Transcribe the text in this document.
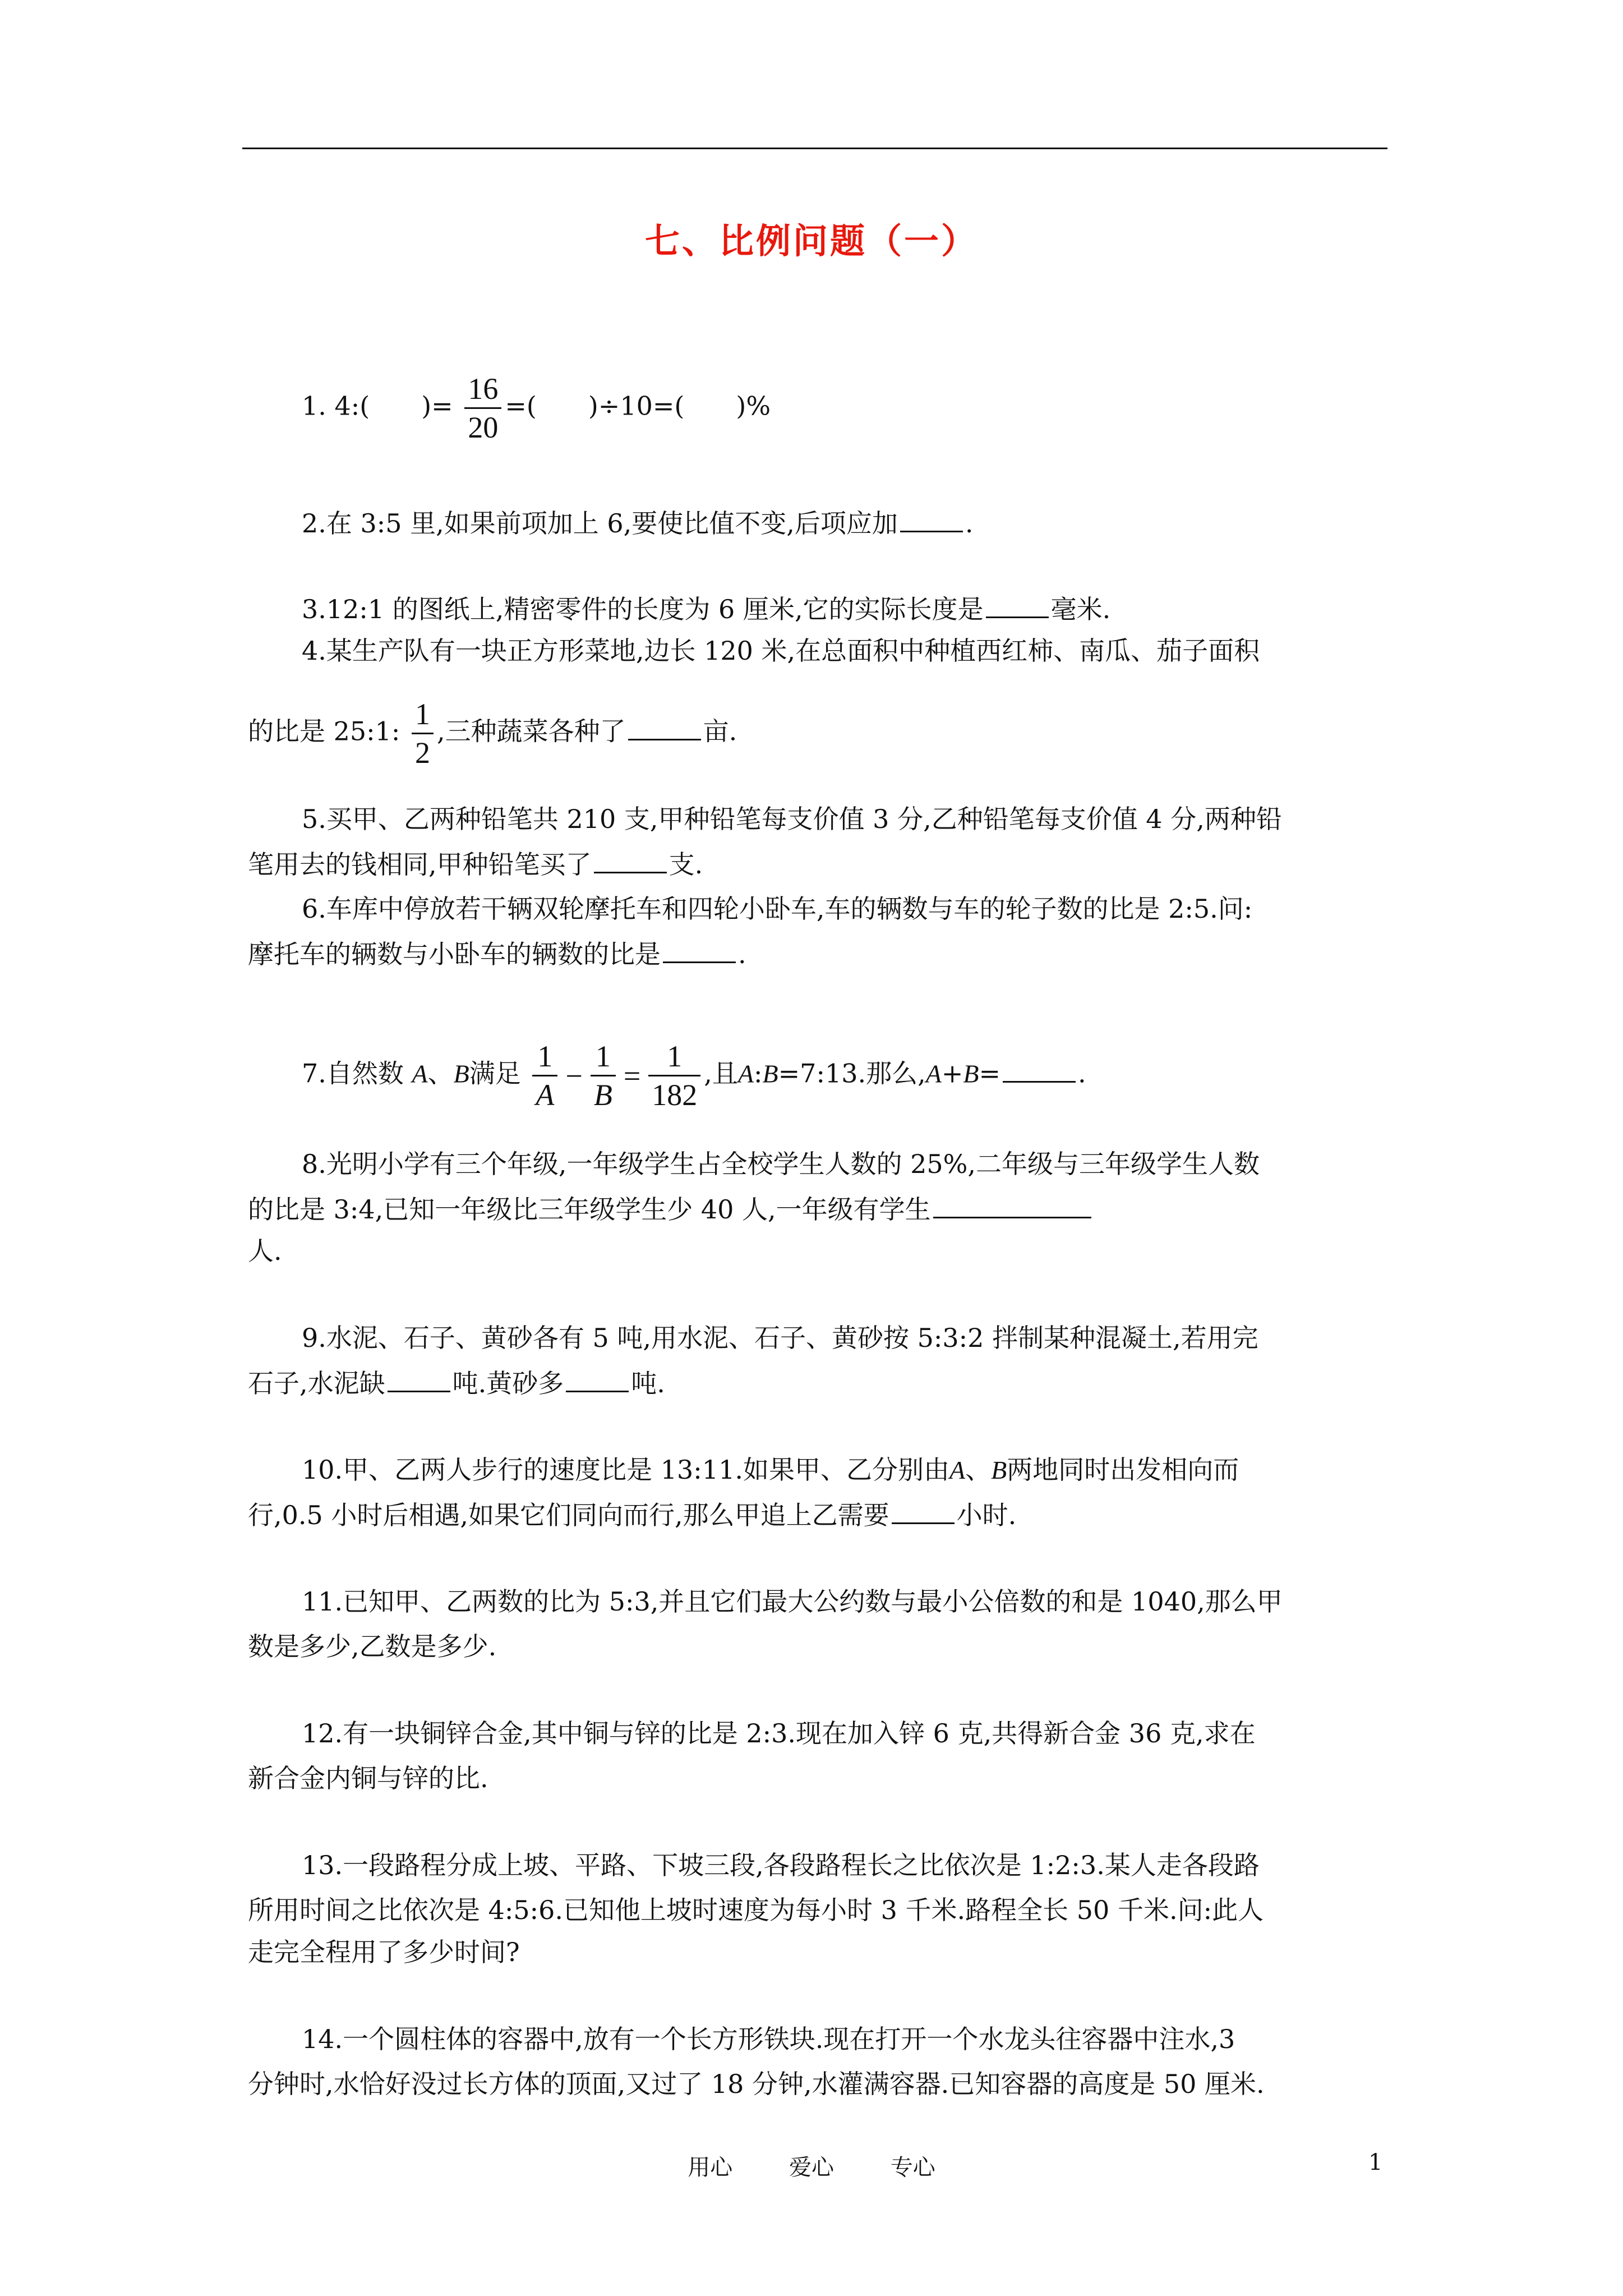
七、比例问题（一）
1. 4:( )= $\frac{16}{20}$ =( )÷10=( )%
2.在 3:5 里,如果前项加上 6,要使比值不变,后项应加	.
3.12:1 的图纸上,精密零件的长度为 6 厘米,它的实际长度是	毫米.
4.某生产队有一块正方形菜地,边长 120 米,在总面积中种植西红柿、南瓜、茄子面积
的比是 25:1: $\frac{1}{2}$ ,三种蔬菜各种了	亩.
5.买甲、乙两种铅笔共 210 支,甲种铅笔每支价值 3 分,乙种铅笔每支价值 4 分,两种铅
笔用去的钱相同,甲种铅笔买了	支.
6.车库中停放若干辆双轮摩托车和四轮小卧车,车的辆数与车的轮子数的比是 2:5.问:
摩托车的辆数与小卧车的辆数的比是	.
7.自然数 A、B满足 $\frac{1}{A} - \frac{1}{B} = \frac{1}{182}$ ,且A:B=7:13.那么,A+B=	.
8.光明小学有三个年级,一年级学生占全校学生人数的 25%,二年级与三年级学生人数
的比是 3:4,已知一年级比三年级学生少 40 人,一年级有学生
人.
9.水泥、石子、黄砂各有 5 吨,用水泥、石子、黄砂按 5:3:2 拌制某种混凝土,若用完
石子,水泥缺	吨.黄砂多	吨.
10.甲、乙两人步行的速度比是 13:11.如果甲、乙分别由A、B两地同时出发相向而
行,0.5 小时后相遇,如果它们同向而行,那么甲追上乙需要	小时.
11.已知甲、乙两数的比为 5:3,并且它们最大公约数与最小公倍数的和是 1040,那么甲
数是多少,乙数是多少.
12.有一块铜锌合金,其中铜与锌的比是 2:3.现在加入锌 6 克,共得新合金 36 克,求在
新合金内铜与锌的比.
13.一段路程分成上坡、平路、下坡三段,各段路程长之比依次是 1:2:3.某人走各段路
所用时间之比依次是 4:5:6.已知他上坡时速度为每小时 3 千米.路程全长 50 千米.问:此人
走完全程用了多少时间?
14.一个圆柱体的容器中,放有一个长方形铁块.现在打开一个水龙头往容器中注水,3
分钟时,水恰好没过长方体的顶面,又过了 18 分钟,水灌满容器.已知容器的高度是 50 厘米.
用心	爱心	专心	1
